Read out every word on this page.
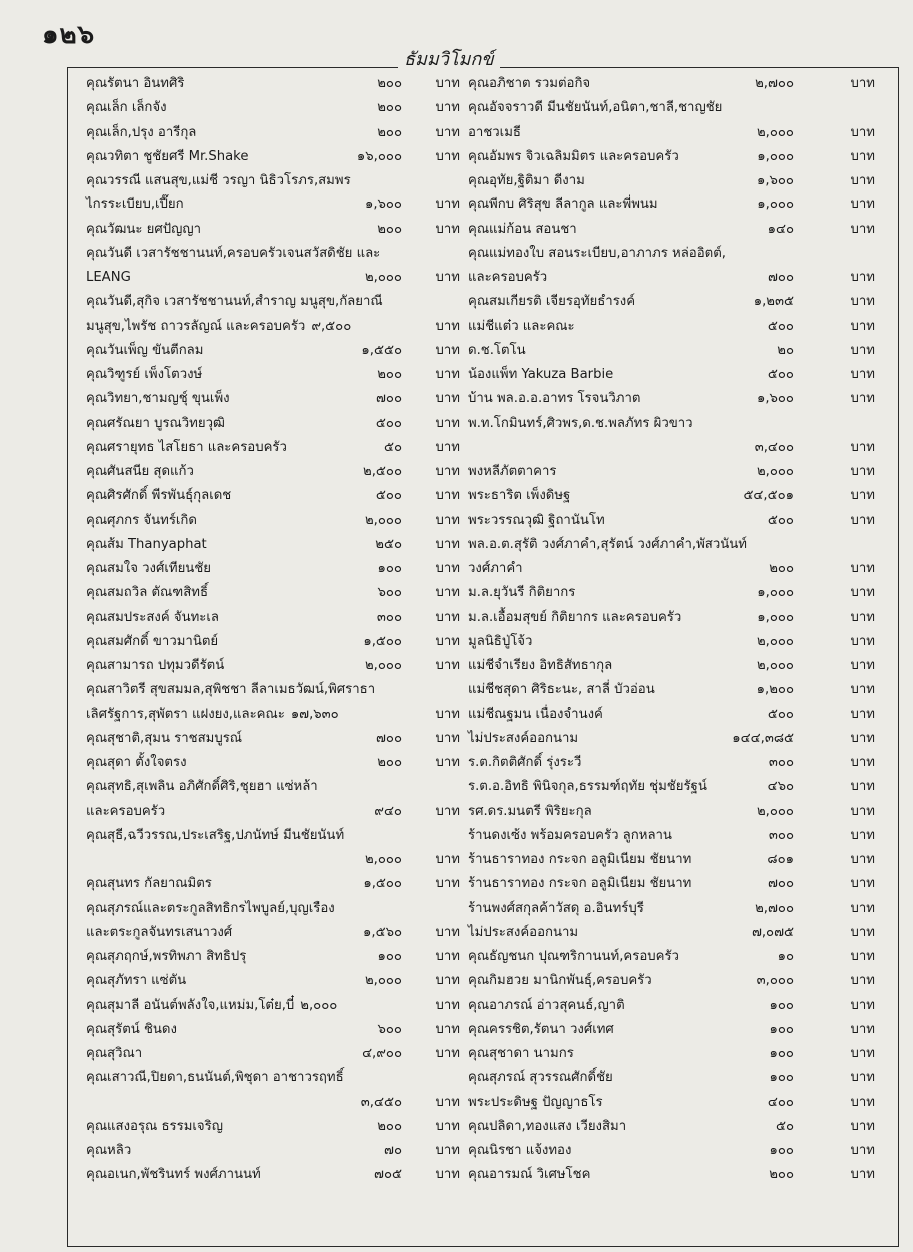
๑๒๖
ธัมมวิโมกข์
คุณรัตนา อินทศิริ	๒๐๐	บาท
คุณเล็ก เล็กจัง	๒๐๐	บาท
คุณเล็ก,ปรุง อารีกุล	๒๐๐	บาท
คุณวทิตา ชูชัยศรี Mr.Shake	๑๖,๐๐๐	บาท
คุณวรรณี แสนสุข,แม่ชี วรญา นิธิวโรภร,สมพร
ไกรระเบียบ,เปี๊ยก	๑,๖๐๐	บาท
คุณวัฒนะ ยศปัญญา	๒๐๐	บาท
คุณวันดี เวสารัชชานนท์,ครอบครัวเจนสวัสดิชัย และ
LEANG	๒,๐๐๐	บาท
คุณวันดี,สุกิจ เวสารัชชานนท์,สำราญ มนูสุข,กัลยาณี
มนูสุข,ไพรัช ถาวรลัญณ์ และครอบครัว ๙,๕๐๐	บาท
คุณวันเพ็ญ ขันตีกลม	๑,๕๕๐	บาท
คุณวิฑูรย์ เพ็งโตวงษ์	๒๐๐	บาท
คุณวิทยา,ชามญชุ์ ขุนเพ็ง	๗๐๐	บาท
คุณศรัณยา บูรณวิทยวุฒิ	๕๐๐	บาท
คุณศรายุทธ ไสโยธา และครอบครัว	๕๐	บาท
คุณศันสนีย สุดแก้ว	๒,๕๐๐	บาท
คุณศิรศักดิ์ พีรพันธุ์กุลเดช	๕๐๐	บาท
คุณศุภกร จันทร์เกิด	๒,๐๐๐	บาท
คุณส้ม Thanyaphat	๒๕๐	บาท
คุณสมใจ วงศ์เทียนชัย	๑๐๐	บาท
คุณสมถวิล ตัณฑสิทธิ์	๖๐๐	บาท
คุณสมประสงค์ จันทะเล	๓๐๐	บาท
คุณสมศักดิ์ ขาวมานิตย์	๑,๕๐๐	บาท
คุณสามารถ ปทุมวดีรัตน์	๒,๐๐๐	บาท
คุณสาวิตรี สุขสมมล,สุพิชชา ลีลาเมธวัฒน์,พิศราธา
เลิศรัฐการ,สุพัตรา แฝงยง,และคณะ ๑๗,๖๓๐	บาท
คุณสุชาติ,สุมน ราชสมบูรณ์	๗๐๐	บาท
คุณสุดา ตั้งใจตรง	๒๐๐	บาท
คุณสุทธิ,สุเพลิน อภิศักดิ์ศิริ,ชุยฮา แซ่หล้า
และครอบครัว	๙๔๐	บาท
คุณสุธี,ฉวีวรรณ,ประเสริฐ,ปภนัทษ์ มีนชัยนันท์
๒,๐๐๐	บาท
คุณสุนทร กัลยาณมิตร	๑,๕๐๐	บาท
คุณสุภรณ์และตระกูลสิทธิกรไพบูลย์,บุญเรือง
และตระกูลจันทรเสนาวงศ์	๑,๕๖๐	บาท
คุณสุภฤกษ์,พรทิพภา สิทธิปรุ	๑๐๐	บาท
คุณสุภัทรา แซ่ตัน	๒,๐๐๐	บาท
คุณสุมาลี อนันต์พลังใจ,แหม่ม,โต๋ย,บี๋ ๒,๐๐๐	บาท
คุณสุรัตน์ ชินดง	๖๐๐	บาท
คุณสุวิณา	๔,๙๐๐	บาท
คุณเสาวณี,ปิยดา,ธนนันต์,พิชุดา อาชาวรฤทธิ์
๓,๔๕๐	บาท
คุณแสงอรุณ ธรรมเจริญ	๒๐๐	บาท
คุณหลิว	๗๐	บาท
คุณอเนก,พัชรินทร์ พงศ์ภานนท์	๗๐๕	บาท
คุณอภิชาต รวมต่อกิจ	๒,๗๐๐	บาท
คุณอัจจราวดี มีนชัยนันท์,อนิตา,ชาลี,ชาญชัย
อาชวเมธี	๒,๐๐๐	บาท
คุณอัมพร จิวเฉลิมมิตร และครอบครัว	๑,๐๐๐	บาท
คุณอุทัย,ฐิติมา ดีงาม	๑,๖๐๐	บาท
คุณพีกบ ศิริสุข ลีลากูล และพี่พนม	๑,๐๐๐	บาท
คุณแม่ก้อน สอนชา	๑๔๐	บาท
คุณแม่ทองใบ สอนระเบียบ,อาภาภร หล่ออิตต์,
และครอบครัว	๗๐๐	บาท
คุณสมเกียรติ เจียรอุทัยธำรงค์	๑,๒๓๕	บาท
แม่ชีแต๋ว และคณะ	๕๐๐	บาท
ด.ช.โตโน	๒๐	บาท
น้องแพ็ท Yakuza Barbie	๕๐๐	บาท
บ้าน พล.อ.อ.อาทร โรจนวิภาต	๑,๖๐๐	บาท
พ.ท.โกมินทร์,ศิวพร,ด.ช.พลภัทร ผิวขาว
๓,๔๐๐	บาท
พงหลีภัตตาคาร	๒,๐๐๐	บาท
พระธาริต เพ็งดิษฐ	๕๔,๕๐๑	บาท
พระวรรณวุฒิ ฐิถานันโท	๕๐๐	บาท
พล.อ.ต.สุรัติ วงศ์ภาคำ,สุรัตน์ วงศ์ภาคำ,พัสวนันท์
วงศ์ภาคำ	๒๐๐	บาท
ม.ล.ยุวันรี กิติยากร	๑,๐๐๐	บาท
ม.ล.เอื้อมสุขย์ กิติยากร และครอบครัว	๑,๐๐๐	บาท
มูลนิธิปู่โจ้ว	๒,๐๐๐	บาท
แม่ชีจำเรียง อิทธิสัทธากุล	๒,๐๐๐	บาท
แม่ชีชสุดา ศิริธะนะ, สาลี่ บัวอ่อน	๑,๒๐๐	บาท
แม่ชีณฐมน เนื่องจำนงค์	๕๐๐	บาท
ไม่ประสงค์ออกนาม	๑๔๔,๓๘๕	บาท
ร.ต.กิตติศักดิ์ รุ่งระวี	๓๐๐	บาท
ร.ต.อ.อิทธิ พินิจกุล,ธรรมฑ์ฤทัย ชุ่มชัยรัฐน์	๔๖๐	บาท
รศ.ดร.มนตรี พิริยะกุล	๒,๐๐๐	บาท
ร้านดงเซ้ง พร้อมครอบครัว ลูกหลาน	๓๐๐	บาท
ร้านธาราทอง กระจก อลูมิเนียม ชัยนาท	๘๐๑	บาท
ร้านธาราทอง กระจก อลูมิเนียม ชัยนาท	๗๐๐	บาท
ร้านพงศ์สกุลค้าวัสดุ อ.อินทร์บุรี	๒,๗๐๐	บาท
ไม่ประสงค์ออกนาม	๗,๐๗๕	บาท
คุณธัญชนก ปุณฑริกานนท์,ครอบครัว	๑๐	บาท
คุณกิมฮวย มานิกพันธุ์,ครอบครัว	๓,๐๐๐	บาท
คุณอาภรณ์ อ่าวสุคนธ์,ญาติ	๑๐๐	บาท
คุณครรชิต,รัตนา วงศ์เทศ	๑๐๐	บาท
คุณสุชาดา นามกร	๑๐๐	บาท
คุณสุภรณ์ สุวรรณศักดิ์ชัย	๑๐๐	บาท
พระประดิษฐ ปัญญาธโร	๔๐๐	บาท
คุณปลิดา,ทองแสง เวียงสิมา	๕๐	บาท
คุณนิรชา แจ้งทอง	๑๐๐	บาท
คุณอารมณ์ วิเศษโชค	๒๐๐	บาท
